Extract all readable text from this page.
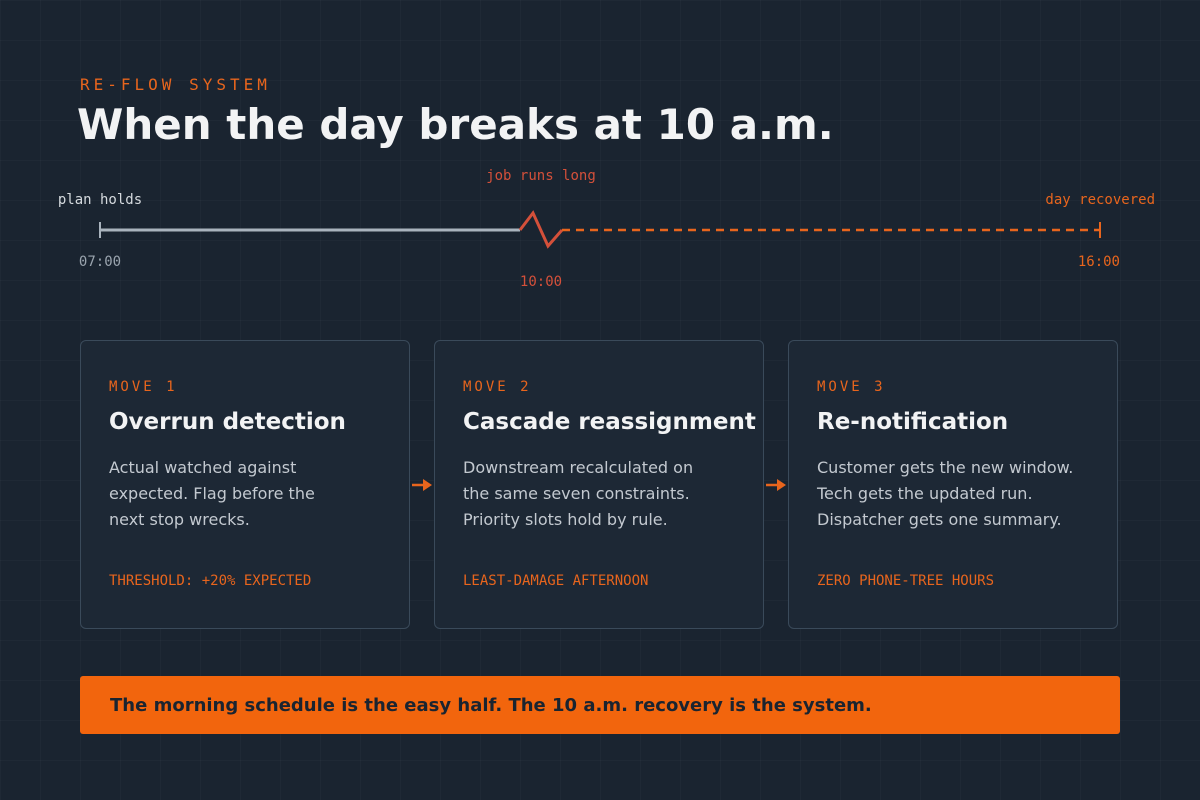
RE-FLOW SYSTEM
When the day breaks at 10 a.m.
plan holds
07:00
job runs long
10:00
day recovered
16:00
MOVE 1
Overrun detection
Actual watched against
expected. Flag before the
next stop wrecks.
THRESHOLD: +20% EXPECTED
MOVE 2
Cascade reassignment
Downstream recalculated on
the same seven constraints.
Priority slots hold by rule.
LEAST-DAMAGE AFTERNOON
MOVE 3
Re-notification
Customer gets the new window.
Tech gets the updated run.
Dispatcher gets one summary.
ZERO PHONE-TREE HOURS
The morning schedule is the easy half. The 10 a.m. recovery is the system.
